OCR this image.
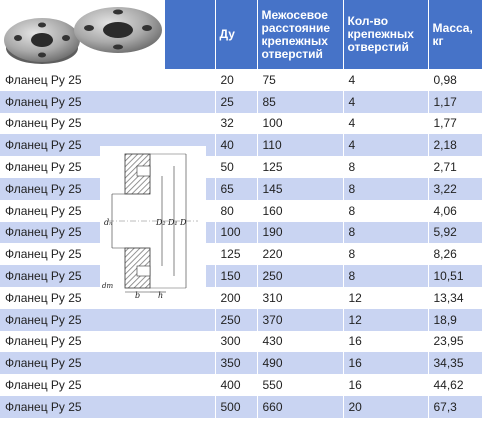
	Ду	Межосевое расстояние крепежных отверстий	Кол-во крепежных отверстий	Масса, кг
Фланец Ру 25	20	75	4	0,98
Фланец Ру 25	25	85	4	1,17
Фланец Ру 25	32	100	4	1,77
Фланец Ру 25	40	110	4	2,18
Фланец Ру 25	50	125	8	2,71
Фланец Ру 25	65	145	8	3,22
Фланец Ру 25	80	160	8	4,06
Фланец Ру 25	100	190	8	5,92
Фланец Ру 25	125	220	8	8,26
Фланец Ру 25	150	250	8	10,51
Фланец Ру 25	200	310	12	13,34
Фланец Ру 25	250	370	12	18,9
Фланец Ру 25	300	430	16	23,95
Фланец Ру 25	350	490	16	34,35
Фланец Ру 25	400	550	16	44,62
Фланец Ру 25	500	660	20	67,3
dₙ	D₂ D₁ D
dm
b h
